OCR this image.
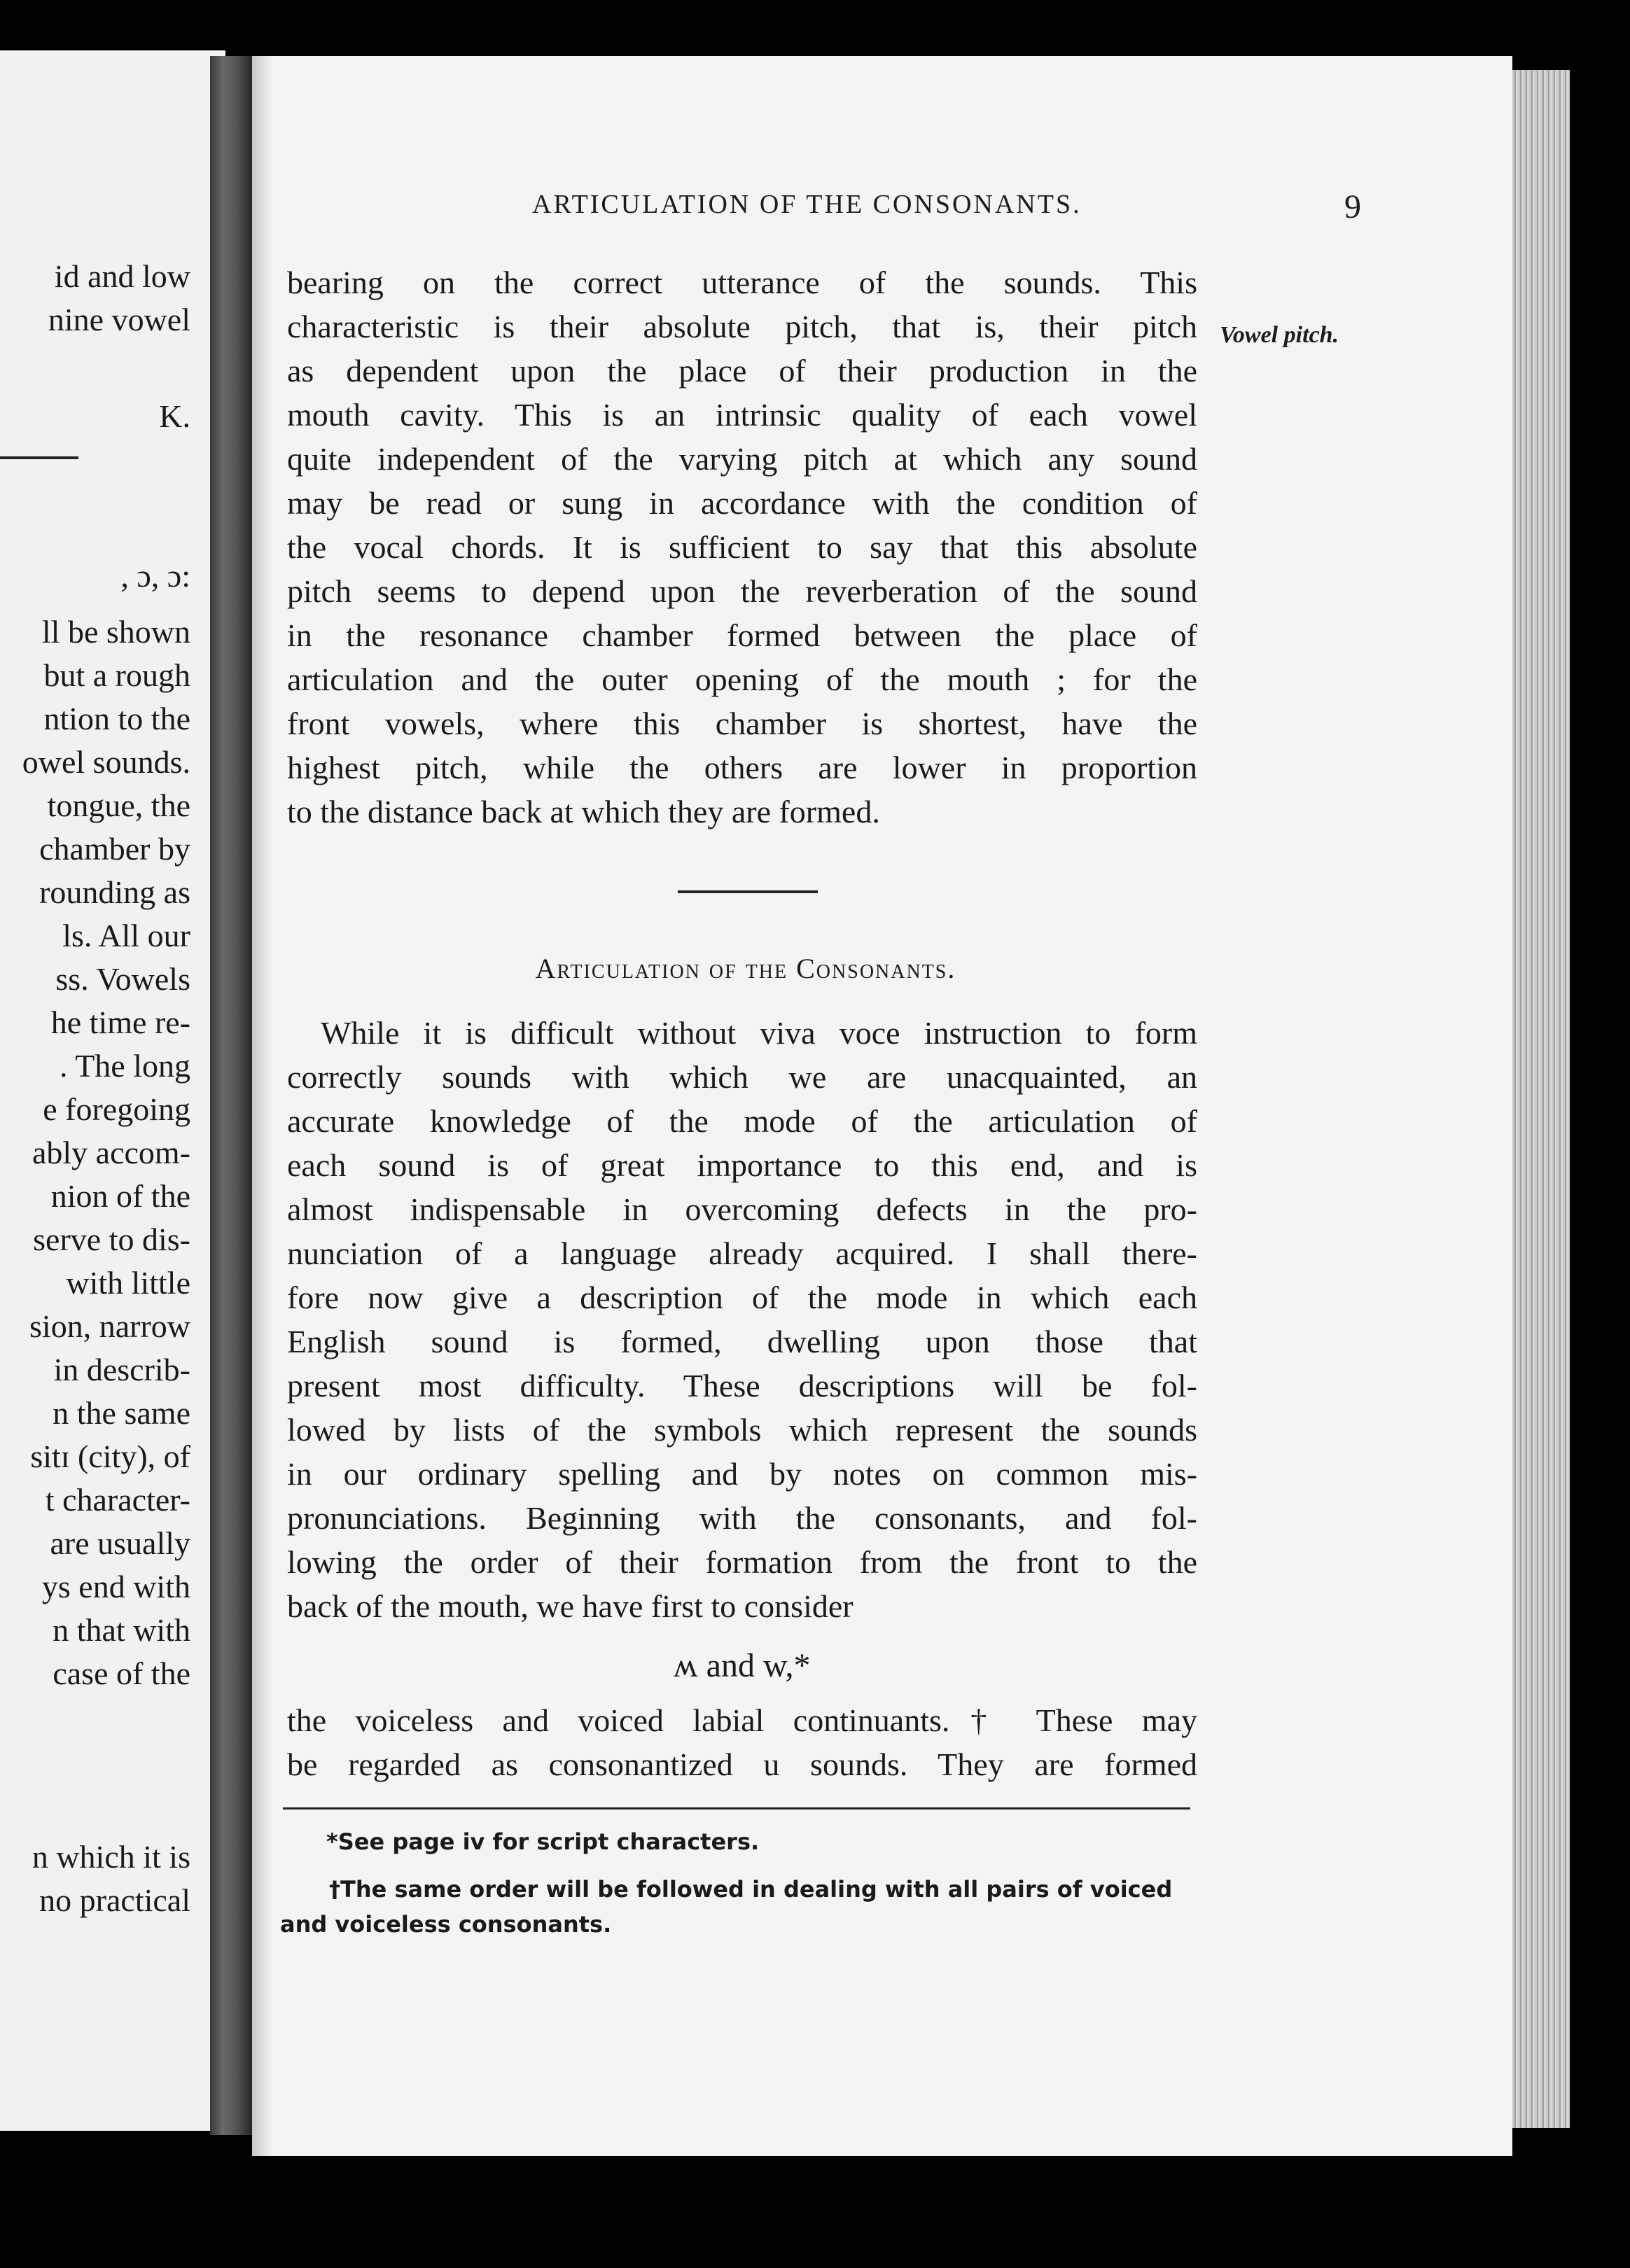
id and low
nine vowel
K.
, ɔ, ɔ:
ll be shown
but a rough
ntion to the
owel sounds.
tongue, the
chamber by
rounding as
ls. All our
ss. Vowels
he time re-
. The long
e foregoing
ably accom-
nion of the
serve to dis-
with little
sion, narrow
in describ-
n the same
sitɪ (city), of
t character-
are usually
ys end with
n that with
case of the
n which it is
no practical
ARTICULATION OF THE CONSONANTS.	9
Vowel pitch.
bearing on the correct utterance of the sounds. This
characteristic is their absolute pitch, that is, their pitch
as dependent upon the place of their production in the
mouth cavity. This is an intrinsic quality of each vowel
quite independent of the varying pitch at which any sound
may be read or sung in accordance with the condition of
the vocal chords. It is sufficient to say that this absolute
pitch seems to depend upon the reverberation of the sound
in the resonance chamber formed between the place of
articulation and the outer opening of the mouth ; for the
front vowels, where this chamber is shortest, have the
highest pitch, while the others are lower in proportion
to the distance back at which they are formed.
Articulation of the Consonants.
While it is difficult without viva voce instruction to form
correctly sounds with which we are unacquainted, an
accurate knowledge of the mode of the articulation of
each sound is of great importance to this end, and is
almost indispensable in overcoming defects in the pro-
nunciation of a language already acquired. I shall there-
fore now give a description of the mode in which each
English sound is formed, dwelling upon those that
present most difficulty. These descriptions will be fol-
lowed by lists of the symbols which represent the sounds
in our ordinary spelling and by notes on common mis-
pronunciations. Beginning with the consonants, and fol-
lowing the order of their formation from the front to the
back of the mouth, we have first to consider
ʍ and w,*
the voiceless and voiced labial continuants.† These may
be regarded as consonantized u sounds. They are formed
*See page iv for script characters.
†The same order will be followed in dealing with all pairs of voiced
and voiceless consonants.
